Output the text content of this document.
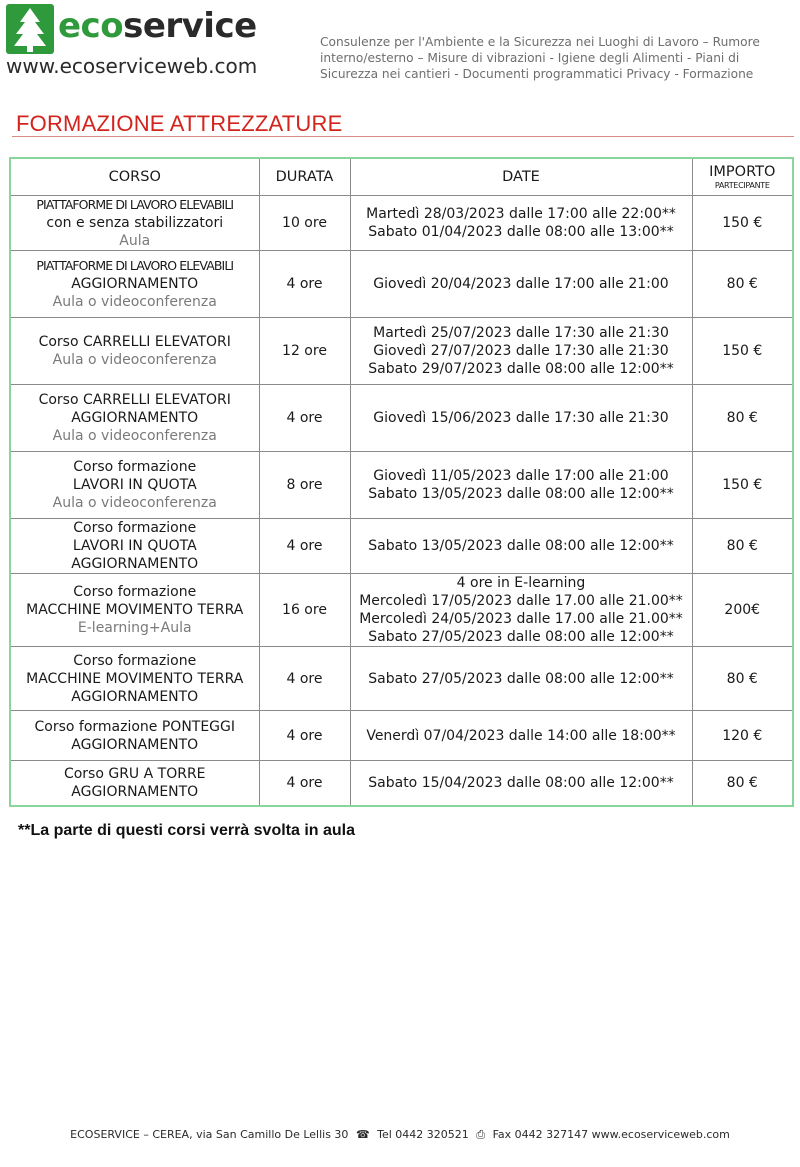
ecoservice
www.ecoserviceweb.com
Consulenze per l'Ambiente e la Sicurezza nei Luoghi di Lavoro – Rumore interno/esterno – Misure di vibrazioni - Igiene degli Alimenti - Piani di Sicurezza nei cantieri - Documenti programmatici Privacy - Formazione
FORMAZIONE ATTREZZATURE
CORSO	DURATA	DATE	IMPORTO
PARTECIPANTE

PIATTAFORME DI LAVORO ELEVABILI
con e senza stabilizzatori
Aula	10 ore	Martedì 28/03/2023 dalle 17:00 alle 22:00**
Sabato 01/04/2023 dalle 08:00 alle 13:00**	150 €

PIATTAFORME DI LAVORO ELEVABILI
AGGIORNAMENTO
Aula o videoconferenza	4 ore	Giovedì 20/04/2023 dalle 17:00 alle 21:00	80 €

Corso CARRELLI ELEVATORI
Aula o videoconferenza	12 ore	Martedì 25/07/2023 dalle 17:30 alle 21:30
Giovedì 27/07/2023 dalle 17:30 alle 21:30
Sabato 29/07/2023 dalle 08:00 alle 12:00**	150 €

Corso CARRELLI ELEVATORI
AGGIORNAMENTO
Aula o videoconferenza	4 ore	Giovedì 15/06/2023 dalle 17:30 alle 21:30	80 €

Corso formazione
LAVORI IN QUOTA
Aula o videoconferenza	8 ore	Giovedì 11/05/2023 dalle 17:00 alle 21:00
Sabato 13/05/2023 dalle 08:00 alle 12:00**	150 €

Corso formazione
LAVORI IN QUOTA
AGGIORNAMENTO	4 ore	Sabato 13/05/2023 dalle 08:00 alle 12:00**	80 €

Corso formazione
MACCHINE MOVIMENTO TERRA
E-learning+Aula	16 ore	4 ore in E-learning
Mercoledì 17/05/2023 dalle 17.00 alle 21.00**
Mercoledì 24/05/2023 dalle 17.00 alle 21.00**
Sabato 27/05/2023 dalle 08:00 alle 12:00**	200€

Corso formazione
MACCHINE MOVIMENTO TERRA
AGGIORNAMENTO	4 ore	Sabato 27/05/2023 dalle 08:00 alle 12:00**	80 €

Corso formazione PONTEGGI
AGGIORNAMENTO	4 ore	Venerdì 07/04/2023 dalle 14:00 alle 18:00**	120 €

Corso GRU A TORRE
AGGIORNAMENTO	4 ore	Sabato 15/04/2023 dalle 08:00 alle 12:00**	80 €
**La parte di questi corsi verrà svolta in aula
ECOSERVICE – CEREA, via San Camillo De Lellis 30 ☎ Tel 0442 320521 ⎙ Fax 0442 327147 www.ecoserviceweb.com
